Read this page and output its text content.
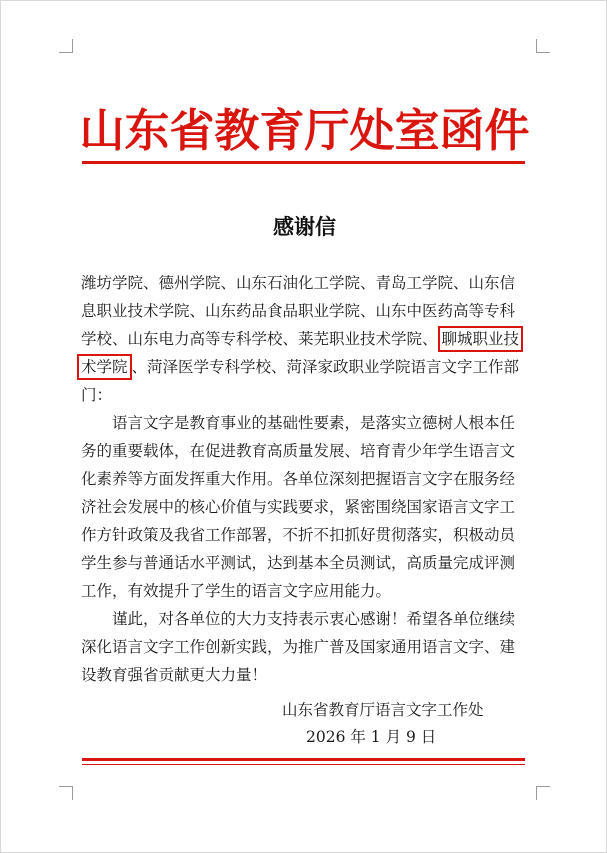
山东省教育厅处室函件
感谢信
潍坊学院、德州学院、山东石油化工学院、青岛工学院、山东信
息职业技术学院、山东药品食品职业学院、山东中医药高等专科
学校、山东电力高等专科学校、莱芜职业技术学院、 聊城职业技
术学院 、菏泽医学专科学校、菏泽家政职业学院语言文字工作部
门：
语言文字是教育事业的基础性要素，是落实立德树人根本任
务的重要载体，在促进教育高质量发展、培育青少年学生语言文
化素养等方面发挥重大作用。各单位深刻把握语言文字在服务经
济社会发展中的核心价值与实践要求，紧密围绕国家语言文字工
作方针政策及我省工作部署，不折不扣抓好贯彻落实，积极动员
学生参与普通话水平测试，达到基本全员测试，高质量完成评测
工作，有效提升了学生的语言文字应用能力。
谨此，对各单位的大力支持表示衷心感谢！希望各单位继续
深化语言文字工作创新实践，为推广普及国家通用语言文字、建
设教育强省贡献更大力量！
山东省教育厅语言文字工作处
2026 年 1 月 9 日
